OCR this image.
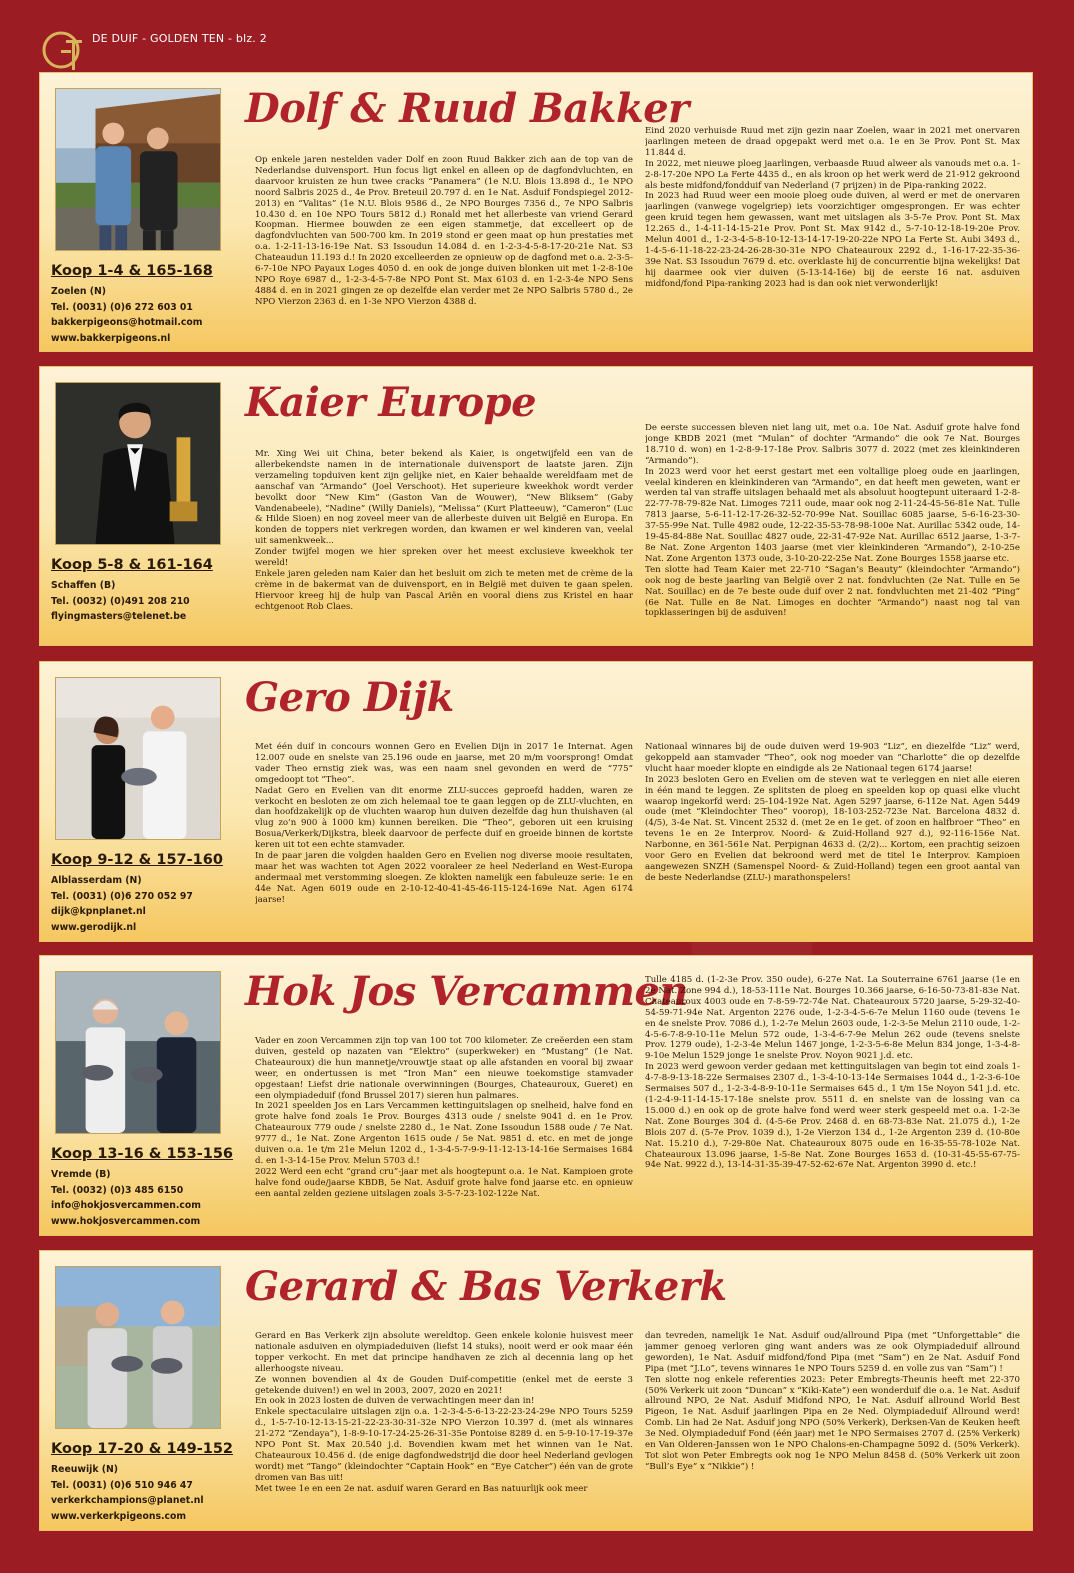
DE DUIF - GOLDEN TEN - blz. 2
Koop 1-4 & 165-168
Zoelen (N)
Tel. (0031) (0)6 272 603 01
bakkerpigeons@hotmail.com
www.bakkerpigeons.nl
Dolf & Ruud Bakker

Op enkele jaren nestelden vader Dolf en zoon Ruud Bakker zich aan de top van de Nederlandse duivensport. Hun focus ligt enkel en alleen op de dagfondvluchten, en daarvoor kruisten ze hun twee cracks “Panamera” (1e N.U. Blois 13.898 d., 1e NPO noord Salbris 2025 d., 4e Prov. Breteuil 20.797 d. en 1e Nat. Asduif Fondspiegel 2012-2013) en “Valitas” (1e N.U. Blois 9586 d., 2e NPO Bourges 7356 d., 7e NPO Salbris 10.430 d. en 10e NPO Tours 5812 d.) Ronald met het allerbeste van vriend Gerard Koopman. Hiermee bouwden ze een eigen stammetje, dat excelleert op de dagfondvluchten van 500-700 km. In 2019 stond er geen maat op hun prestaties met o.a. 1-2-11-13-16-19e Nat. S3 Issoudun 14.084 d. en 1-2-3-4-5-8-17-20-21e Nat. S3 Chateaudun 11.193 d.! In 2020 excelleerden ze opnieuw op de dagfond met o.a. 2-3-5-6-7-10e NPO Payaux Loges 4050 d. en ook de jonge duiven blonken uit met 1-2-8-10e NPO Roye 6987 d., 1-2-3-4-5-7-8e NPO Pont St. Max 6103 d. en 1-2-3-4e NPO Sens 4884 d. en in 2021 gingen ze op dezelfde elan verder met 2e NPO Salbris 5780 d., 2e NPO Vierzon 2363 d. en 1-3e NPO Vierzon 4388 d.

Eind 2020 verhuisde Ruud met zijn gezin naar Zoelen, waar in 2021 met onervaren jaarlingen meteen de draad opgepakt werd met o.a. 1e en 3e Prov. Pont St. Max 11.844 d.

In 2022, met nieuwe ploeg jaarlingen, verbaasde Ruud alweer als vanouds met o.a. 1-2-8-17-20e NPO La Ferte 4435 d., en als kroon op het werk werd de 21-912 gekroond als beste midfond/fondduif van Nederland (7 prijzen) in de Pipa-ranking 2022.

In 2023 had Ruud weer een mooie ploeg oude duiven, al werd er met de onervaren jaarlingen (vanwege vogelgriep) iets voorzichtiger omgesprongen. Er was echter geen kruid tegen hem gewassen, want met uitslagen als 3-5-7e Prov. Pont St. Max 12.265 d., 1-4-11-14-15-21e Prov. Pont St. Max 9142 d., 5-7-10-12-18-19-20e Prov. Melun 4001 d., 1-2-3-4-5-8-10-12-13-14-17-19-20-22e NPO La Ferte St. Aubi 3493 d., 1-4-5-6-11-18-22-23-24-26-28-30-31e NPO Chateauroux 2292 d., 1-16-17-22-35-36-39e Nat. S3 Issoudun 7679 d. etc. overklaste hij de concurrentie bijna wekelijks! Dat hij daarmee ook vier duiven (5-13-14-16e) bij de eerste 16 nat. asduiven midfond/fond Pipa-ranking 2023 had is dan ook niet verwonderlijk!

Koop 5-8 & 161-164
Schaffen (B)
Tel. (0032) (0)491 208 210
flyingmasters@telenet.be
Kaier Europe

Mr. Xing Wei uit China, beter bekend als Kaier, is ongetwijfeld een van de allerbekendste namen in de internationale duivensport de laatste jaren. Zijn verzameling topduiven kent zijn gelijke niet, en Kaier behaalde wereldfaam met de aanschaf van “Armando” (Joel Verschoot). Het superieure kweekhok wordt verder bevolkt door “New Kim” (Gaston Van de Wouwer), “New Bliksem” (Gaby Vandenabeele), “Nadine” (Willy Daniels), “Melissa” (Kurt Platteeuw), “Cameron” (Luc & Hilde Sioen) en nog zoveel meer van de allerbeste duiven uit België en Europa. En konden de toppers niet verkregen worden, dan kwamen er wel kinderen van, veelal uit samenkweek...

Zonder twijfel mogen we hier spreken over het meest exclusieve kweekhok ter wereld!

Enkele jaren geleden nam Kaier dan het besluit om zich te meten met de crème de la crème in de bakermat van de duivensport, en in België met duiven te gaan spelen. Hiervoor kreeg hij de hulp van Pascal Ariën en vooral diens zus Kristel en haar echtgenoot Rob Claes.

De eerste successen bleven niet lang uit, met o.a. 10e Nat. Asduif grote halve fond jonge KBDB 2021 (met “Mulan” of dochter “Armando” die ook 7e Nat. Bourges 18.710 d. won) en 1-2-8-9-17-18e Prov. Salbris 3077 d. 2022 (met zes kleinkinderen “Armando”).

In 2023 werd voor het eerst gestart met een voltallige ploeg oude en jaarlingen, veelal kinderen en kleinkinderen van “Armando”, en dat heeft men geweten, want er werden tal van straffe uitslagen behaald met als absoluut hoogtepunt uiteraard 1-2-8-22-77-78-79-82e Nat. Limoges 7211 oude, maar ook nog 2-11-24-45-56-81e Nat. Tulle 7813 jaarse, 5-6-11-12-17-26-32-52-70-99e Nat. Souillac 6085 jaarse, 5-6-16-23-30-37-55-99e Nat. Tulle 4982 oude, 12-22-35-53-78-98-100e Nat. Aurillac 5342 oude, 14-19-45-84-88e Nat. Souillac 4827 oude, 22-31-47-92e Nat. Aurillac 6512 jaarse, 1-3-7-8e Nat. Zone Argenton 1403 jaarse (met vier kleinkinderen “Armando”), 2-10-25e Nat. Zone Argenton 1373 oude, 3-10-20-22-25e Nat. Zone Bourges 1558 jaarse etc.

Ten slotte had Team Kaier met 22-710 “Sagan’s Beauty” (kleindochter “Armando”) ook nog de beste jaarling van België over 2 nat. fondvluchten (2e Nat. Tulle en 5e Nat. Souillac) en de 7e beste oude duif over 2 nat. fondvluchten met 21-402 “Ping” (6e Nat. Tulle en 8e Nat. Limoges en dochter “Armando”) naast nog tal van topklasseringen bij de asduiven!

Koop 9-12 & 157-160
Alblasserdam (N)
Tel. (0031) (0)6 270 052 97
dijk@kpnplanet.nl
www.gerodijk.nl
Gero Dijk

Met één duif in concours wonnen Gero en Evelien Dijn in 2017 1e Internat. Agen 12.007 oude en snelste van 25.196 oude en jaarse, met 20 m/m voorsprong! Omdat vader Theo ernstig ziek was, was een naam snel gevonden en werd de “775” omgedoopt tot “Theo”.

Nadat Gero en Evelien van dit enorme ZLU-succes geproefd hadden, waren ze verkocht en besloten ze om zich helemaal toe te gaan leggen op de ZLU-vluchten, en dan hoofdzakelijk op de vluchten waarop hun duiven dezelfde dag hun thuishaven (al vlug zo’n 900 à 1000 km) kunnen bereiken. Die “Theo”, geboren uit een kruising Bosua/Verkerk/Dijkstra, bleek daarvoor de perfecte duif en groeide binnen de kortste keren uit tot een echte stamvader.

In de paar jaren die volgden haalden Gero en Evelien nog diverse mooie resultaten, maar het was wachten tot Agen 2022 vooraleer ze heel Nederland en West-Europa andermaal met verstomming sloegen. Ze klokten namelijk een fabuleuze serie: 1e en 44e Nat. Agen 6019 oude en 2-10-12-40-41-45-46-115-124-169e Nat. Agen 6174 jaarse!

Nationaal winnares bij de oude duiven werd 19-903 “Liz”, en diezelfde “Liz” werd, gekoppeld aan stamvader “Theo”, ook nog moeder van “Charlotte” die op dezelfde vlucht haar moeder klopte en eindigde als 2e Nationaal tegen 6174 jaarse!

In 2023 besloten Gero en Evelien om de steven wat te verleggen en niet alle eieren in één mand te leggen. Ze splitsten de ploeg en speelden kop op quasi elke vlucht waarop ingekorfd werd: 25-104-192e Nat. Agen 5297 jaarse, 6-112e Nat. Agen 5449 oude (met “Kleindochter Theo” voorop), 18-103-252-723e Nat. Barcelona 4832 d. (4/5), 3-4e Nat. St. Vincent 2532 d. (met 2e en 1e get. of zoon en halfbroer “Theo” en tevens 1e en 2e Interprov. Noord- & Zuid-Holland 927 d.), 92-116-156e Nat. Narbonne, en 361-561e Nat. Perpignan 4633 d. (2/2)... Kortom, een prachtig seizoen voor Gero en Evelien dat bekroond werd met de titel 1e Interprov. Kampioen aangewezen SNZH (Samenspel Noord- & Zuid-Holland) tegen een groot aantal van de beste Nederlandse (ZLU-) marathonspelers!

Koop 13-16 & 153-156
Vremde (B)
Tel. (0032) (0)3 485 6150
info@hokjosvercammen.com
www.hokjosvercammen.com
Hok Jos Vercammen

Vader en zoon Vercammen zijn top van 100 tot 700 kilometer. Ze creëerden een stam duiven, gesteld op nazaten van “Elektro” (superkweker) en “Mustang” (1e Nat. Chateauroux) die hun mannetje/vrouwtje staat op alle afstanden en vooral bij zwaar weer, en ondertussen is met “Iron Man” een nieuwe toekomstige stamvader opgestaan! Liefst drie nationale overwinningen (Bourges, Chateauroux, Gueret) en een olympiadeduif (fond Brussel 2017) sieren hun palmares.

In 2021 speelden Jos en Lars Vercammen kettinguitslagen op snelheid, halve fond en grote halve fond zoals 1e Prov. Bourges 4313 oude / snelste 9041 d. en 1e Prov. Chateauroux 779 oude / snelste 2280 d., 1e Nat. Zone Issoudun 1588 oude / 7e Nat. 9777 d., 1e Nat. Zone Argenton 1615 oude / 5e Nat. 9851 d. etc. en met de jonge duiven o.a. 1e t/m 21e Melun 1202 d., 1-3-4-5-7-9-9-11-12-13-14-16e Sermaises 1684 d. en 1-3-14-15e Prov. Melun 5703 d.!

2022 Werd een echt “grand cru”-jaar met als hoogtepunt o.a. 1e Nat. Kampioen grote halve fond oude/jaarse KBDB, 5e Nat. Asduif grote halve fond jaarse etc. en opnieuw een aantal zelden geziene uitslagen zoals 3-5-7-23-102-122e Nat.

Tulle 4185 d. (1-2-3e Prov. 350 oude), 6-27e Nat. La Souterraine 6761 jaarse (1e en 2e Nat. Zone 994 d.), 18-53-111e Nat. Bourges 10.366 jaarse, 6-16-50-73-81-83e Nat. Chateauroux 4003 oude en 7-8-59-72-74e Nat. Chateauroux 5720 jaarse, 5-29-32-40-54-59-71-94e Nat. Argenton 2276 oude, 1-2-3-4-5-6-7e Melun 1160 oude (tevens 1e en 4e snelste Prov. 7086 d.), 1-2-7e Melun 2603 oude, 1-2-3-5e Melun 2110 oude, 1-2-4-5-6-7-8-9-10-11e Melun 572 oude, 1-3-4-6-7-9e Melun 262 oude (tevens snelste Prov. 1279 oude), 1-2-3-4e Melun 1467 jonge, 1-2-3-5-6-8e Melun 834 jonge, 1-3-4-8-9-10e Melun 1529 jonge 1e snelste Prov. Noyon 9021 j.d. etc.

In 2023 werd gewoon verder gedaan met kettinguitslagen van begin tot eind zoals 1-4-7-8-9-13-18-22e Sermaises 2307 d., 1-3-4-10-13-14e Sermaises 1044 d., 1-2-3-6-10e Sermaises 507 d., 1-2-3-4-8-9-10-11e Sermaises 645 d., 1 t/m 15e Noyon 541 j.d. etc. (1-2-4-9-11-14-15-17-18e snelste prov. 5511 d. en snelste van de lossing van ca 15.000 d.) en ook op de grote halve fond werd weer sterk gespeeld met o.a. 1-2-3e Nat. Zone Bourges 304 d. (4-5-6e Prov. 2468 d. en 68-73-83e Nat. 21.075 d.), 1-2e Blois 207 d. (5-7e Prov. 1039 d.), 1-2e Vierzon 134 d., 1-2e Argenton 239 d. (10-80e Nat. 15.210 d.), 7-29-80e Nat. Chateauroux 8075 oude en 16-35-55-78-102e Nat. Chateauroux 13.096 jaarse, 1-5-8e Nat. Zone Bourges 1653 d. (10-31-45-55-67-75-94e Nat. 9922 d.), 13-14-31-35-39-47-52-62-67e Nat. Argenton 3990 d. etc.!

Koop 17-20 & 149-152
Reeuwijk (N)
Tel. (0031) (0)6 510 946 47
verkerkchampions@planet.nl
www.verkerkpigeons.com
Gerard & Bas Verkerk

Gerard en Bas Verkerk zijn absolute wereldtop. Geen enkele kolonie huisvest meer nationale asduiven en olympiadeduiven (liefst 14 stuks), nooit werd er ook maar één topper verkocht. En met dat principe handhaven ze zich al decennia lang op het allerhoogste niveau.

Ze wonnen bovendien al 4x de Gouden Duif-competitie (enkel met de eerste 3 getekende duiven!) en wel in 2003, 2007, 2020 en 2021!

En ook in 2023 losten de duiven de verwachtingen meer dan in!

Enkele spectaculaire uitslagen zijn o.a. 1-2-3-4-5-6-13-22-23-24-29e NPO Tours 5259 d., 1-5-7-10-12-13-15-21-22-23-30-31-32e NPO Vierzon 10.397 d. (met als winnares 21-272 “Zendaya”), 1-8-9-10-17-24-25-26-31-35e Pontoise 8289 d. en 5-9-10-17-19-37e NPO Pont St. Max 20.540 j.d. Bovendien kwam met het winnen van 1e Nat. Chateauroux 10.456 d. (de enige dagfondwedstrijd die door heel Nederland gevlogen wordt) met “Tango” (kleindochter “Captain Hook” en “Eye Catcher”) één van de grote dromen van Bas uit!

Met twee 1e en een 2e nat. asduif waren Gerard en Bas natuurlijk ook meer

dan tevreden, namelijk 1e Nat. Asduif oud/allround Pipa (met “Unforgettable” die jammer genoeg verloren ging want anders was ze ook Olympiadeduif allround geworden), 1e Nat. Asduif midfond/fond Pipa (met “Sam”) en 2e Nat. Asduif Fond Pipa (met “J.Lo”, tevens winnares 1e NPO Tours 5259 d. en volle zus van “Sam”) !

Ten slotte nog enkele referenties 2023: Peter Embregts-Theunis heeft met 22-370 (50% Verkerk uit zoon “Duncan” x “Kiki-Kate”) een wonderduif die o.a. 1e Nat. Asduif allround NPO, 2e Nat. Asduif Midfond NPO, 1e Nat. Asduif allround World Best Pigeon, 1e Nat. Asduif jaarlingen Pipa en 2e Ned. Olympiadeduif Allround werd! Comb. Lin had 2e Nat. Asduif jong NPO (50% Verkerk), Derksen-Van de Keuken heeft 3e Ned. Olympiadeduif Fond (één jaar) met 1e NPO Sermaises 2707 d. (25% Verkerk) en Van Olderen-Janssen won 1e NPO Chalons-en-Champagne 5092 d. (50% Verkerk). Tot slot won Peter Embregts ook nog 1e NPO Melun 8458 d. (50% Verkerk uit zoon “Bull’s Eye” x “Nikkie”) !
